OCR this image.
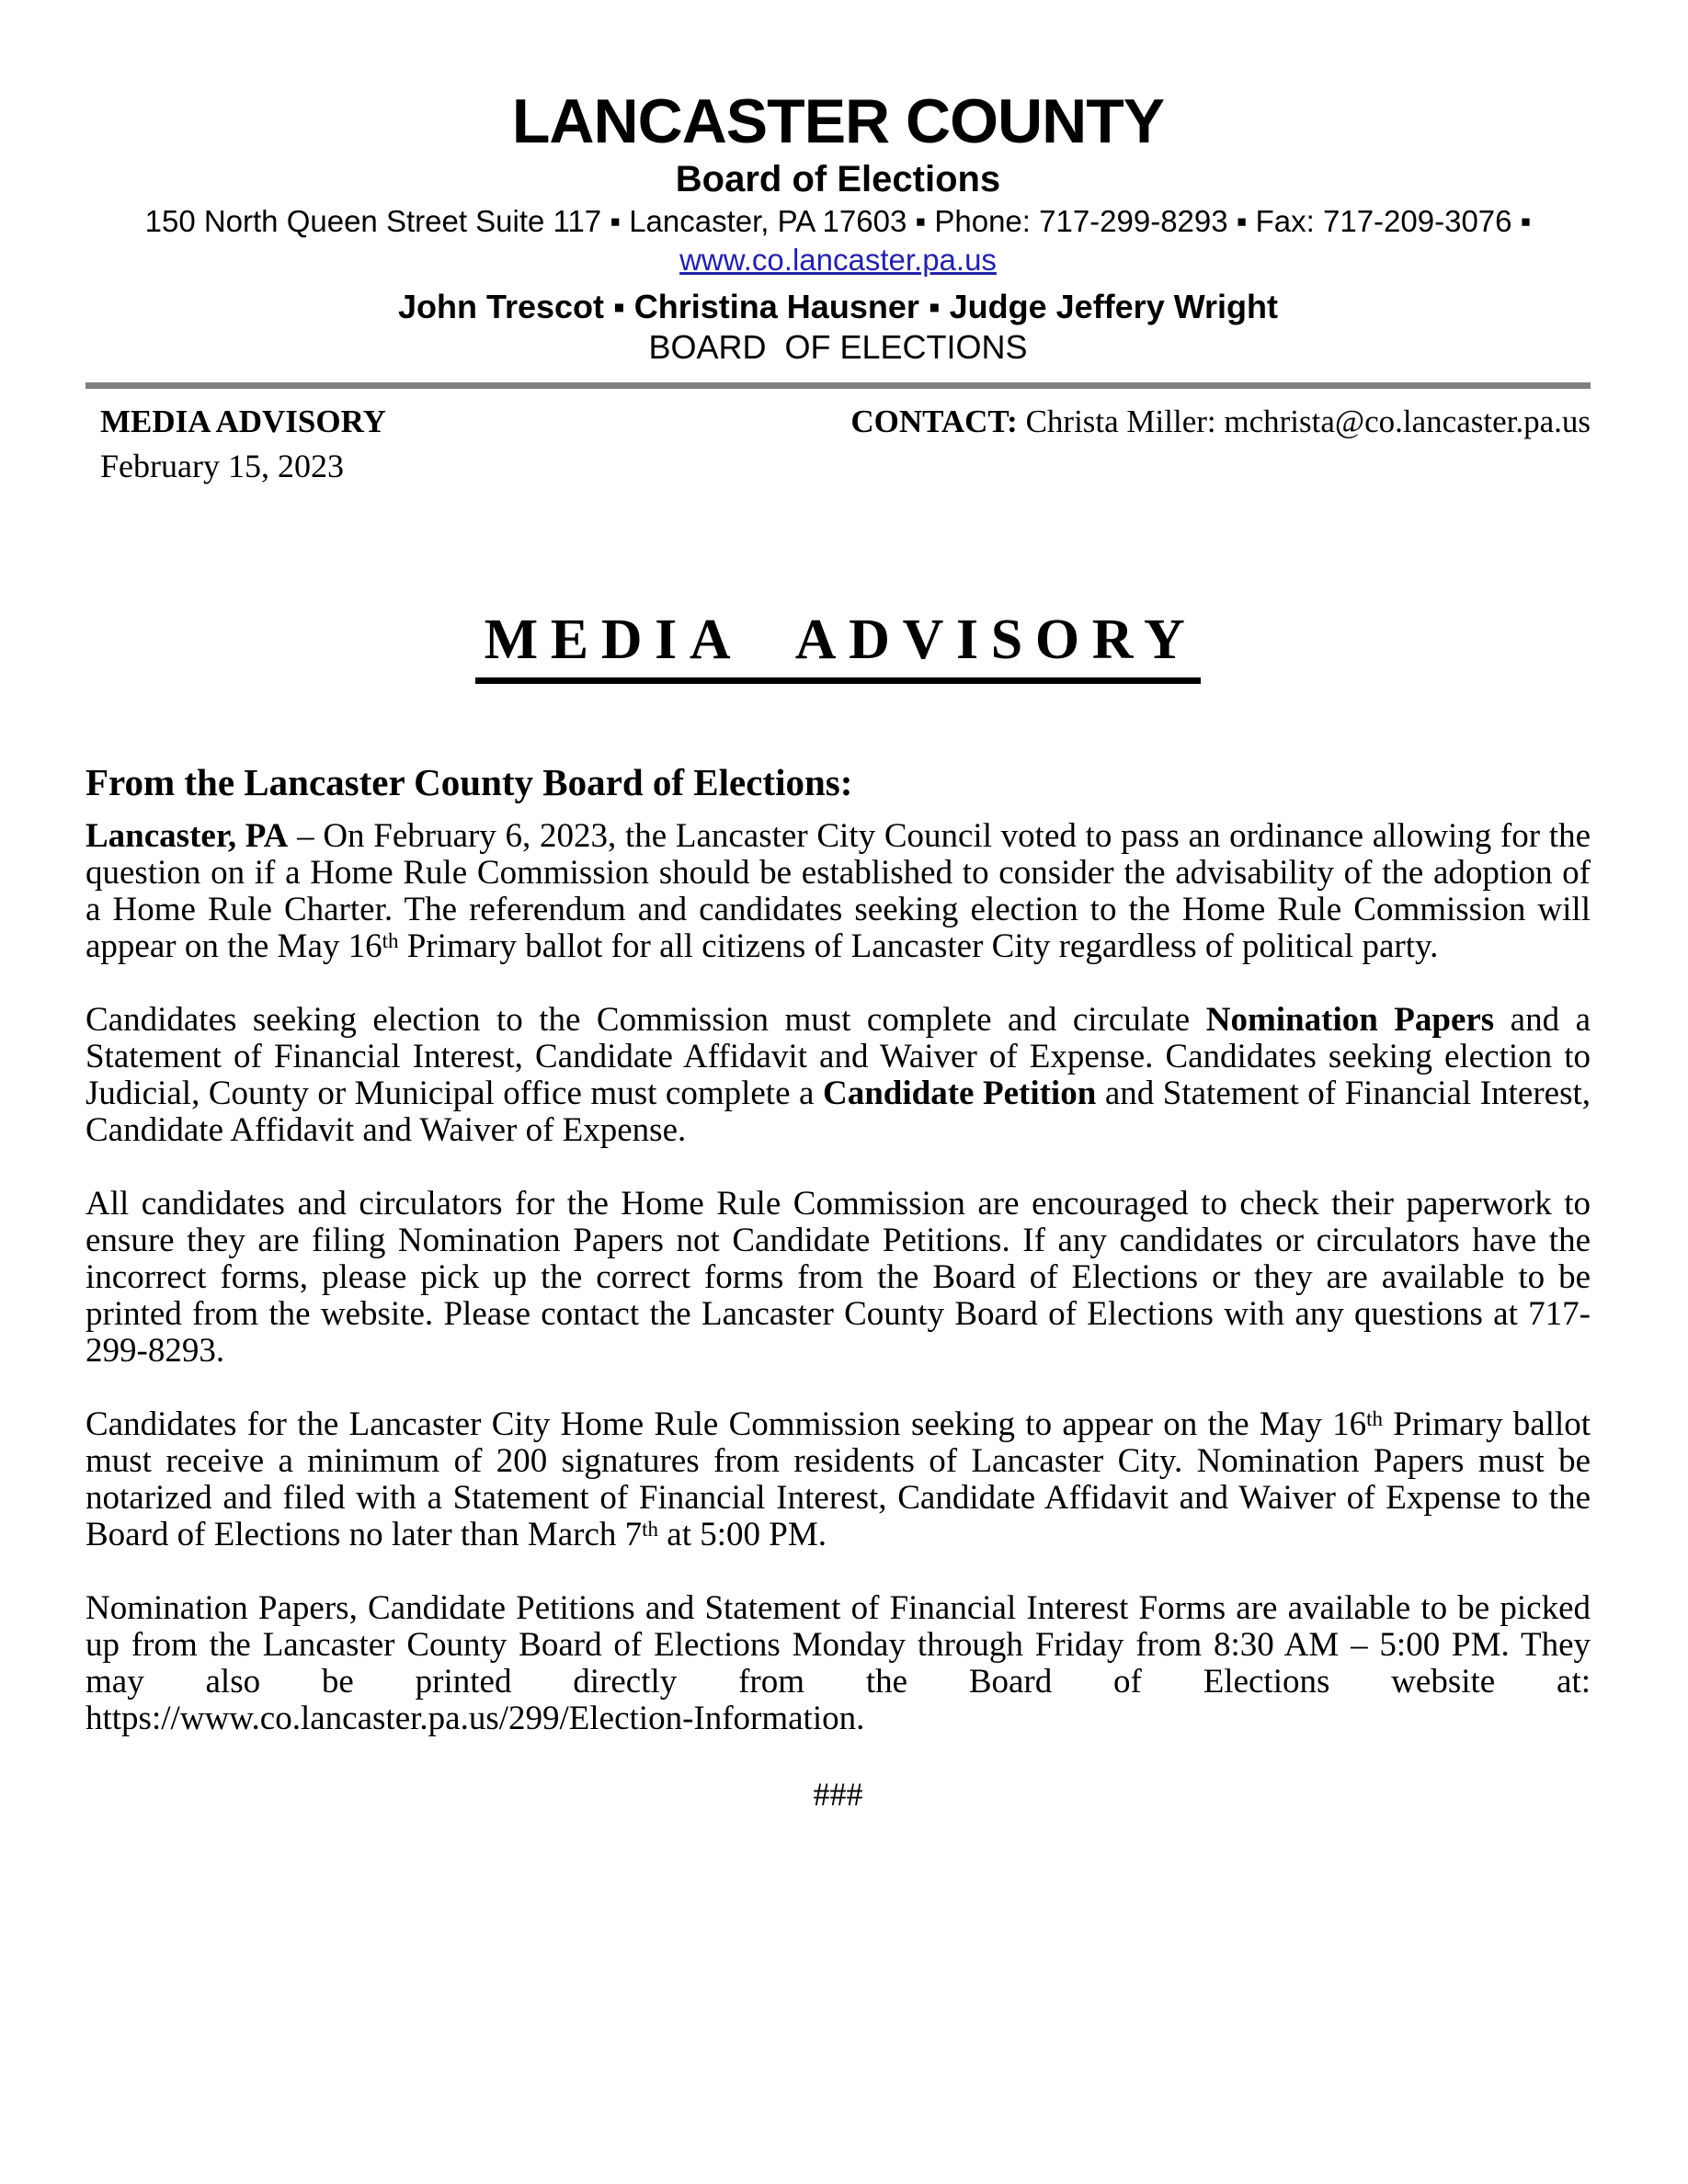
LANCASTER COUNTY
Board of Elections
150 North Queen Street Suite 117 ▪ Lancaster, PA 17603 ▪ Phone: 717-299-8293 ▪ Fax: 717-209-3076 ▪ www.co.lancaster.pa.us
John Trescot ▪ Christina Hausner ▪ Judge Jeffery Wright
BOARD  OF ELECTIONS
MEDIA ADVISORY	CONTACT: Christa Miller: mchrista@co.lancaster.pa.us
February 15, 2023
MEDIA ADVISORY
From the Lancaster County Board of Elections:

Lancaster, PA – On February 6, 2023, the Lancaster City Council voted to pass an ordinance allowing for the question on if a Home Rule Commission should be established to consider the advisability of the adoption of a Home Rule Charter. The referendum and candidates seeking election to the Home Rule Commission will appear on the May 16th Primary ballot for all citizens of Lancaster City regardless of political party.

Candidates seeking election to the Commission must complete and circulate Nomination Papers and a Statement of Financial Interest, Candidate Affidavit and Waiver of Expense. Candidates seeking election to Judicial, County or Municipal office must complete a Candidate Petition and Statement of Financial Interest, Candidate Affidavit and Waiver of Expense.

All candidates and circulators for the Home Rule Commission are encouraged to check their paperwork to ensure they are filing Nomination Papers not Candidate Petitions. If any candidates or circulators have the incorrect forms, please pick up the correct forms from the Board of Elections or they are available to be printed from the website. Please contact the Lancaster County Board of Elections with any questions at 717-299-8293.

Candidates for the Lancaster City Home Rule Commission seeking to appear on the May 16th Primary ballot must receive a minimum of 200 signatures from residents of Lancaster City. Nomination Papers must be notarized and filed with a Statement of Financial Interest, Candidate Affidavit and Waiver of Expense to the Board of Elections no later than March 7th at 5:00 PM.

Nomination Papers, Candidate Petitions and Statement of Financial Interest Forms are available to be picked up from the Lancaster County Board of Elections Monday through Friday from 8:30 AM – 5:00 PM. They may also be printed directly from the Board of Elections website at: https://www.co.lancaster.pa.us/299/Election-Information.

###
